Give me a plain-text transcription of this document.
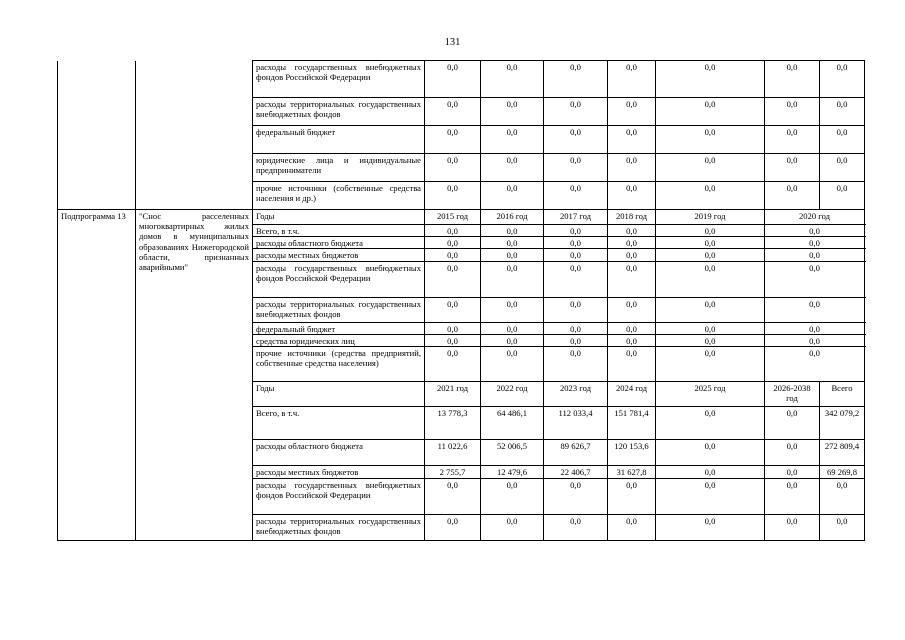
131
		расходы государственных внебюджетных фондов Российской Федерации	0,0	0,0	0,0	0,0	0,0	0,0	0,0
		расходы территориальных государственных внебюджетных фондов	0,0	0,0	0,0	0,0	0,0	0,0	0,0
		федеральный бюджет	0,0	0,0	0,0	0,0	0,0	0,0	0,0
		юридические лица и индивидуальные предприниматели	0,0	0,0	0,0	0,0	0,0	0,0	0,0
		прочие источники (собственные средства населения и др.)	0,0	0,0	0,0	0,0	0,0	0,0	0,0
Подпрограмма 13	"Снос расселенных многоквартирных жилых домов в муниципальных образованиях Нижегородской области, признанных аварийными"	Годы	2015 год	2016 год	2017 год	2018 год	2019 год	2020 год	
		Всего, в т.ч.	0,0	0,0	0,0	0,0	0,0	0,0	
		расходы областного бюджета	0,0	0,0	0,0	0,0	0,0	0,0	
		расходы местных бюджетов	0,0	0,0	0,0	0,0	0,0	0,0	
		расходы государственных внебюджетных фондов Российской Федерации	0,0	0,0	0,0	0,0	0,0	0,0	
		расходы территориальных государственных внебюджетных фондов	0,0	0,0	0,0	0,0	0,0	0,0	
		федеральный бюджет	0,0	0,0	0,0	0,0	0,0	0,0	
		средства юридических лиц	0,0	0,0	0,0	0,0	0,0	0,0	
		прочие источники (средства предприятий, собственные средства населения)	0,0	0,0	0,0	0,0	0,0	0,0	
		Годы	2021 год	2022 год	2023 год	2024 год	2025 год	2026-2038 год	Всего
		Всего, в т.ч.	13 778,3	64 486,1	112 033,4	151 781,4	0,0	0,0	342 079,2
		расходы областного бюджета	11 022,6	52 006,5	89 626,7	120 153,6	0,0	0,0	272 809,4
		расходы местных бюджетов	2 755,7	12 479,6	22 406,7	31 627,8	0,0	0,0	69 269,8
		расходы государственных внебюджетных фондов Российской Федерации	0,0	0,0	0,0	0,0	0,0	0,0	0,0
		расходы территориальных государственных внебюджетных фондов	0,0	0,0	0,0	0,0	0,0	0,0	0,0
